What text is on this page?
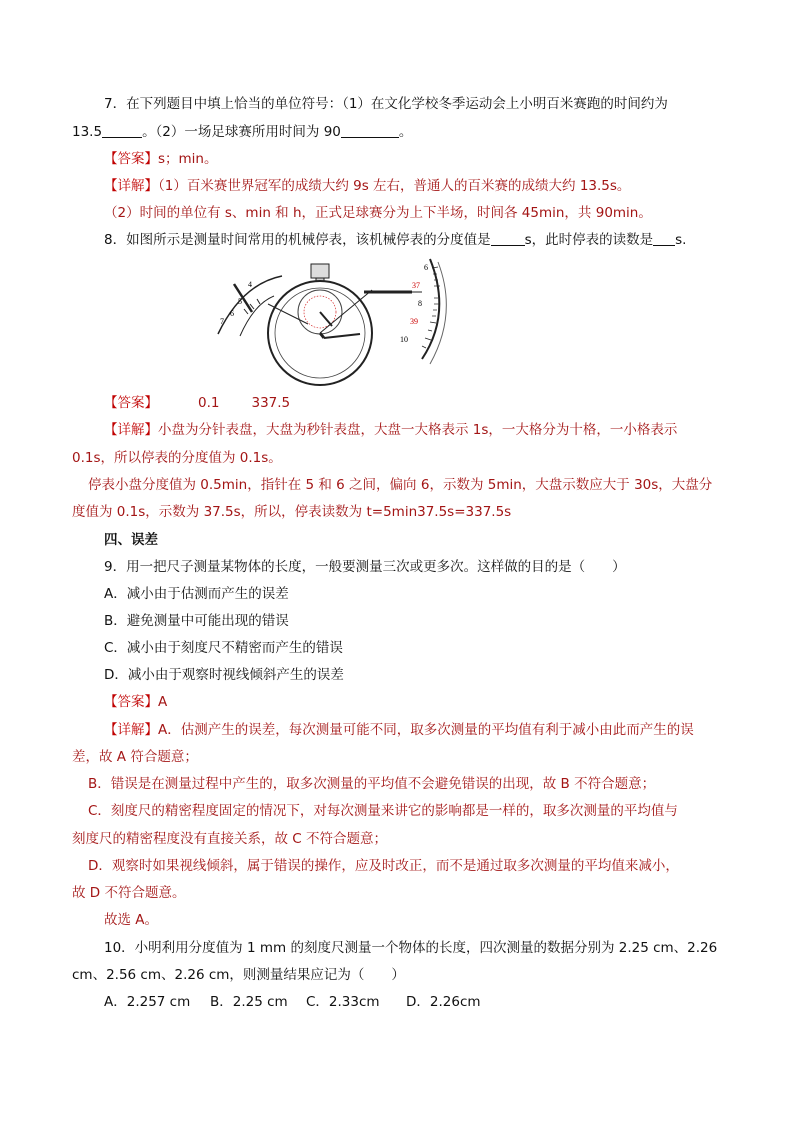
7．在下列题目中填上恰当的单位符号：（1）在文化学校冬季运动会上小明百米赛跑的时间约为
13.5	。（2）一场足球赛所用时间为 90	。
【答案】s；min。
【详解】（1）百米赛世界冠军的成绩大约 9s 左右，普通人的百米赛的成绩大约 13.5s。
（2）时间的单位有 s、min 和 h，正式足球赛分为上下半场，时间各 45min，共 90min。
8．如图所示是测量时间常用的机械停表，该机械停表的分度值是	s，此时停表的读数是 s.
4
5
6
7
6
37
8
39
10
【答案】	0.1 337.5
【详解】小盘为分针表盘，大盘为秒针表盘，大盘一大格表示 1s，一大格分为十格，一小格表示
0.1s，所以停表的分度值为 0.1s。
停表小盘分度值为 0.5min，指针在 5 和 6 之间，偏向 6，示数为 5min，大盘示数应大于 30s，大盘分
度值为 0.1s，示数为 37.5s，所以，停表读数为 t=5min37.5s=337.5s
四、误差
9．用一把尺子测量某物体的长度，一般要测量三次或更多次。这样做的目的是（　　）
A．减小由于估测而产生的误差
B．避免测量中可能出现的错误
C．减小由于刻度尺不精密而产生的错误
D．减小由于观察时视线倾斜产生的误差
【答案】A
【详解】A．估测产生的误差，每次测量可能不同，取多次测量的平均值有利于减小由此而产生的误
差，故 A 符合题意；
B．错误是在测量过程中产生的，取多次测量的平均值不会避免错误的出现，故 B 不符合题意；
C．刻度尺的精密程度固定的情况下，对每次测量来讲它的影响都是一样的，取多次测量的平均值与
刻度尺的精密程度没有直接关系，故 C 不符合题意；
D．观察时如果视线倾斜，属于错误的操作，应及时改正，而不是通过取多次测量的平均值来减小，
故 D 不符合题意。
故选 A。
10．小明利用分度值为 1 mm 的刻度尺测量一个物体的长度，四次测量的数据分别为 2.25 cm、2.26
cm、2.56 cm、2.26 cm，则测量结果应记为（　　）
A．2.257 cm B．2.25 cm C．2.33cm D．2.26cm
